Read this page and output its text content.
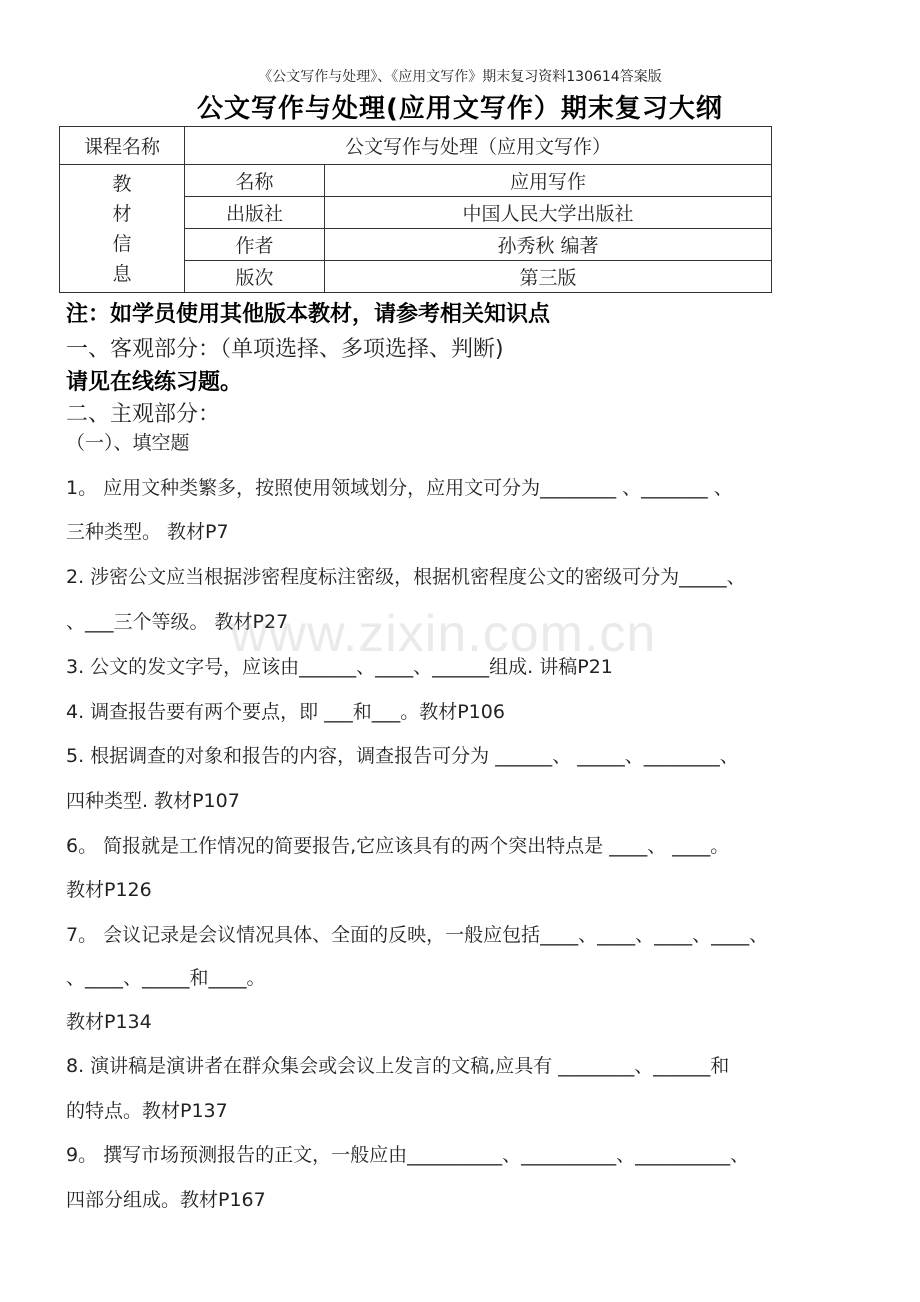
《公文写作与处理》、《应用文写作》期末复习资料130614答案版
公文写作与处理(应用文写作）期末复习大纲
课程名称	公文写作与处理（应用文写作）	

教
材
信
息	名称	应用写作
	出版社	中国人民大学出版社
	作者	孙秀秋 编著
	版次	第三版
注：如学员使用其他版本教材，请参考相关知识点
一、客观部分：（单项选择、多项选择、判断)
请见在线练习题。
二、主观部分：
（一）、填空题
1。 应用文种类繁多，按照使用领域划分，应用文可分为________ 、_______ 、
三种类型。 教材P7
2. 涉密公文应当根据涉密程度标注密级，根据机密程度公文的密级可分为_____、
、___三个等级。 教材P27
3. 公文的发文字号，应该由______、____、______组成. 讲稿P21
4. 调查报告要有两个要点，即 ___和___。教材P106
5. 根据调查的对象和报告的内容，调查报告可分为 ______、 _____、________、
四种类型. 教材P107
6。 简报就是工作情况的简要报告,它应该具有的两个突出特点是 ____、 ____。
教材P126
7。 会议记录是会议情况具体、全面的反映，一般应包括____、____、____、____、
、____、_____和____。
教材P134
8. 演讲稿是演讲者在群众集会或会议上发言的文稿,应具有 ________、______和
的特点。教材P137
9。 撰写市场预测报告的正文，一般应由__________、__________、__________、
四部分组成。教材P167
www.zixin.com.cn
